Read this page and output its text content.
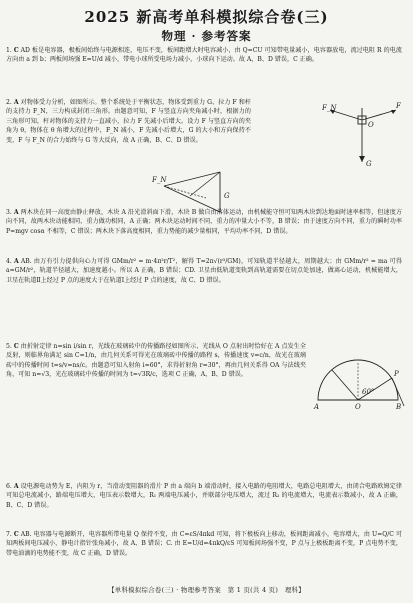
2025 新高考单科模拟综合卷(三)
物理 · 参考答案
1. C AD 板是电容器，极板间始终与电源相连，电压不变，板间距增大时电容减小，由 Q=CU 可知带电量减小，电容器放电，流过电阻 R 的电流方向由 a 到 b；两板间场强 E=U/d 减小，带电小球所受电场力减小，小球向下运动。故 A、B、D 错误，C 正确。
2. A 对物体受力分析，如图所示。整个系统处于平衡状态，物体受到重力 G、拉力 F 和杆的支持力 F_N，三力构成封闭三角形。由题意可知，F 与竖直方向夹角减小时，根据力的三角形可知，杆对物体的支持力一直减小，拉力 F 先减小后增大。设力 F 与竖直方向的夹角为 θ，物体在 θ 角增大的过程中，F_N 减小，F 先减小后增大，G 的大小和方向保持不变，F 与 F_N 的合力始终与 G 等大反向，故 A 正确，B、C、D 错误。
F_N	F
G
O
F_N
G
3. A 两木块在同一高度由静止释放，木块 A 沿光滑斜面下滑，木块 B 做自由落体运动，由机械能守恒可知两木块到达地面时速率相等，但速度方向不同，故两木块动能相同、重力做功相同，A 正确；两木块运动时间不同，重力的冲量大小不等，B 错误；由于速度方向不同，重力的瞬时功率 P=mgv cosα 不相等，C 错误；两木块下落高度相同，重力势能的减少量相同，平均功率不同，D 错误。
4. A AB. 由万有引力提供向心力可得 GMm/r² = m·4π²r/T²，解得 T=2π√(r³/GM)，可知轨道半径越大，周期越大；由 GMm/r² = ma 可得 a=GM/r²，轨道半径越大，加速度越小。所以 A 正确，B 错误；CD. 卫星由低轨道变轨到高轨道需要在切点处加速，做离心运动，机械能增大，卫星在轨道Ⅱ上经过 P 点的速度大于在轨道Ⅰ上经过 P 点的速度，故 C、D 错误。
5. C 由折射定律 n=sin i/sin r，光线在玻璃砖中的传播路径如图所示，光线从 O 点射出时恰好在 A 点发生全反射，则临界角满足 sin C=1/n，由几何关系可得光在玻璃砖中传播的路程 s，传播速度 v=c/n，故光在玻璃砖中的传播时间 t=s/v=ns/c。由题意可知入射角 i=60°，求得折射角 r=30°，再由几何关系得 OA 与法线夹角，可知 n=√3，光在玻璃砖中传播的时间为 t=√3R/c，选项 C 正确，A、B、D 错误。
A	O	B
P
60°
6. A 设电源电动势为 E，内阻为 r，当滑动变阻器的滑片 P 由 a 端向 b 端滑动时，接入电路的电阻增大，电路总电阻增大，由闭合电路欧姆定律可知总电流减小，路端电压增大，电压表示数增大，R₁ 两端电压减小，并联部分电压增大，流过 R₂ 的电流增大，电流表示数减小，故 A 正确，B、C、D 错误。
7. C AB. 电容器与电源断开，电容器所带电量 Q 保持不变，由 C=εS/4πkd 可知，将下极板向上移动，板间距离减小，电容增大，由 U=Q/C 可知两板间电压减小，静电计指针张角减小，故 A、B 错误；C. 由 E=U/d=4πkQ/εS 可知板间场强不变，P 点与上极板距离不变，P 点电势不变，带电油滴的电势能不变，故 C 正确，D 错误。
【单科模拟综合卷(三) · 物理参考答案　第 1 页(共 4 页)　理科】
